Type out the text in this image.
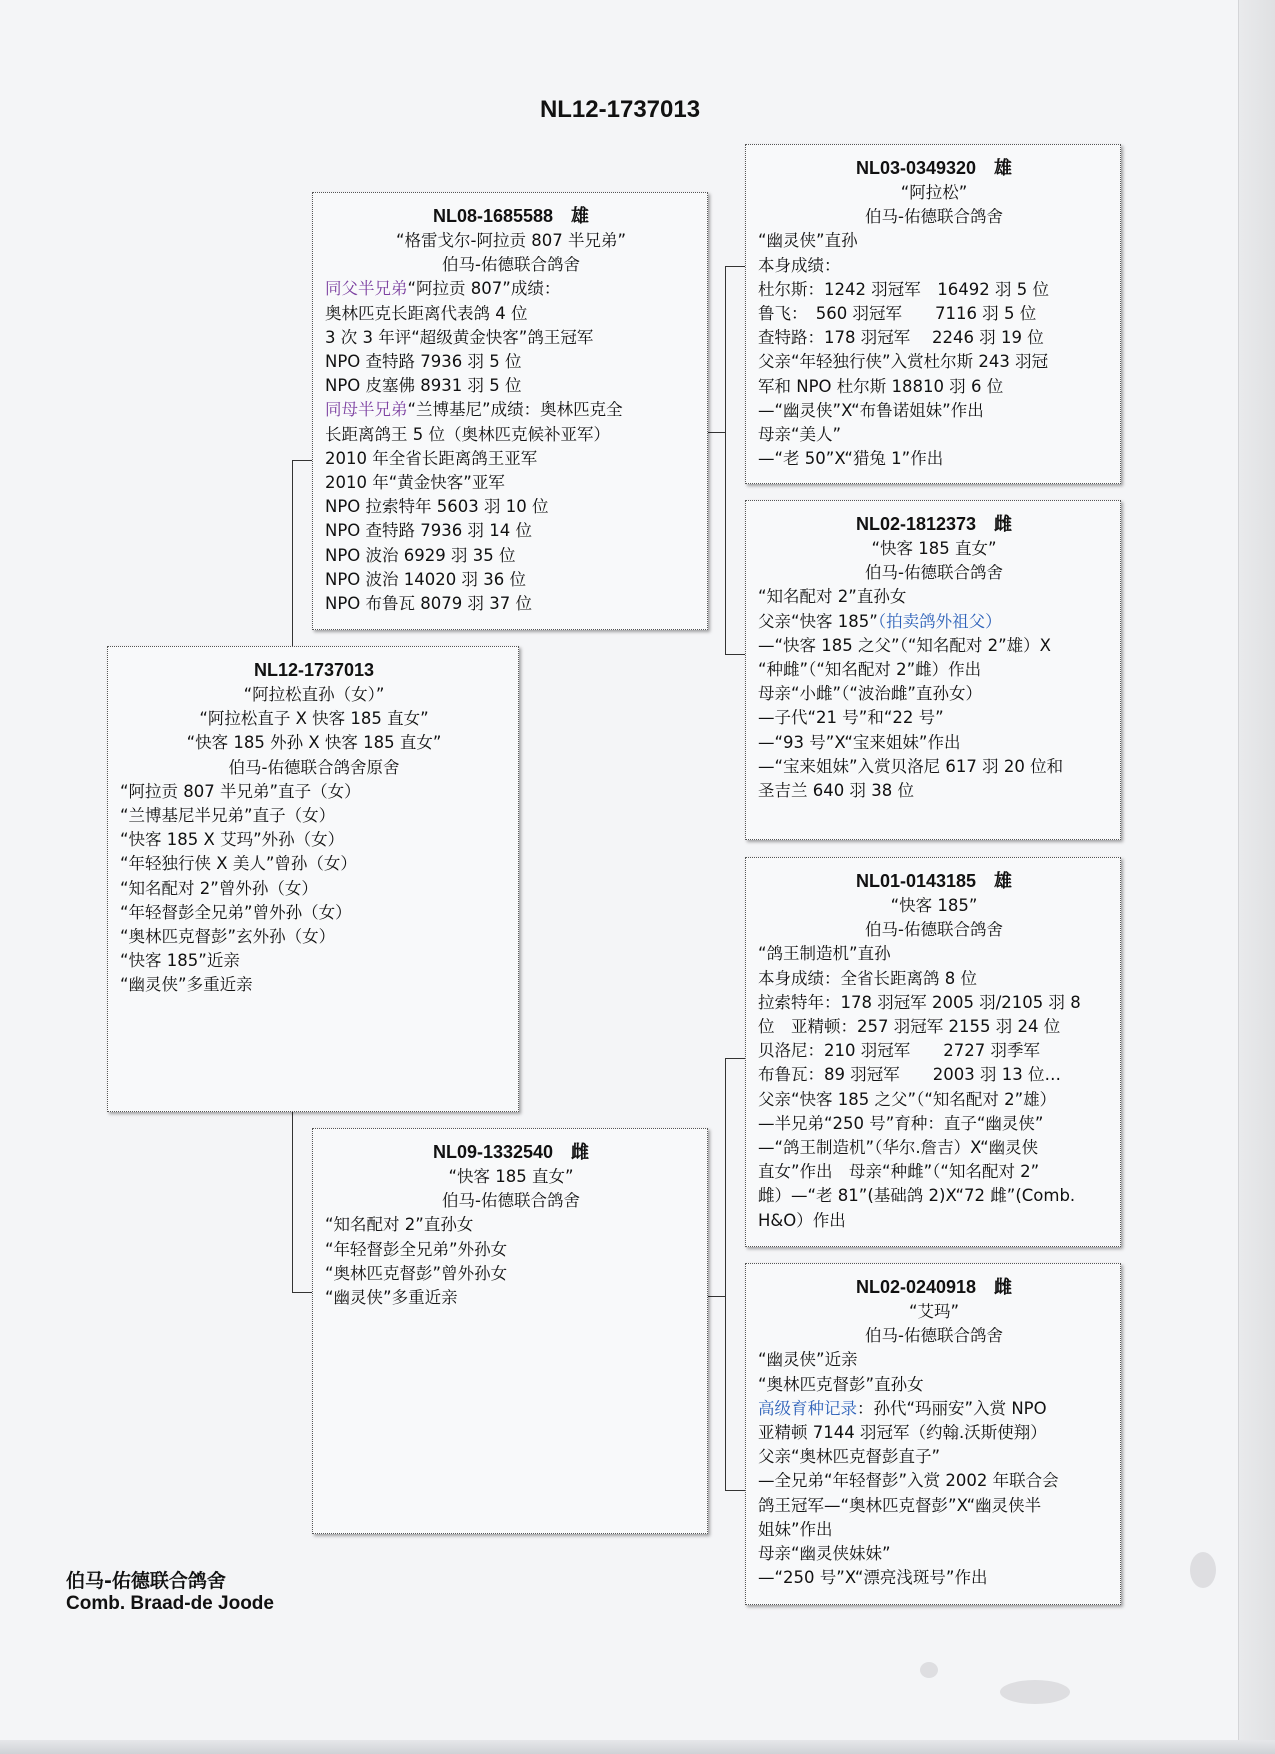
NL12-1737013
NL08-1685588　雄
“格雷戈尔-阿拉贡 807 半兄弟”
伯马-佑德联合鸽舍
同父半兄弟“阿拉贡 807”成绩：
奥林匹克长距离代表鸽 4 位
3 次 3 年评“超级黄金快客”鸽王冠军
NPO 查特路 7936 羽 5 位
NPO 皮塞佛 8931 羽 5 位
同母半兄弟“兰博基尼”成绩：奥林匹克全
长距离鸽王 5 位（奥林匹克候补亚军）
2010 年全省长距离鸽王亚军
2010 年“黄金快客”亚军
NPO 拉索特年 5603 羽 10 位
NPO 查特路 7936 羽 14 位
NPO 波治 6929 羽 35 位
NPO 波治 14020 羽 36 位
NPO 布鲁瓦 8079 羽 37 位
NL12-1737013
“阿拉松直孙（女）”
“阿拉松直子 X 快客 185 直女”
“快客 185 外孙 X 快客 185 直女”
伯马-佑德联合鸽舍原舍
“阿拉贡 807 半兄弟”直子（女）
“兰博基尼半兄弟”直子（女）
“快客 185 X 艾玛”外孙（女）
“年轻独行侠 X 美人”曾孙（女）
“知名配对 2”曾外孙（女）
“年轻督彭全兄弟”曾外孙（女）
“奥林匹克督彭”玄外孙（女）
“快客 185”近亲
“幽灵侠”多重近亲
NL09-1332540　雌
“快客 185 直女”
伯马-佑德联合鸽舍
“知名配对 2”直孙女
“年轻督彭全兄弟”外孙女
“奥林匹克督彭”曾外孙女
“幽灵侠”多重近亲
NL03-0349320　雄
“阿拉松”
伯马-佑德联合鸽舍
“幽灵侠”直孙
本身成绩：
杜尔斯：1242 羽冠军　16492 羽 5 位
鲁飞：　560 羽冠军　　7116 羽 5 位
查特路：178 羽冠军　 2246 羽 19 位
父亲“年轻独行侠”入赏杜尔斯 243 羽冠
军和 NPO 杜尔斯 18810 羽 6 位
—“幽灵侠”X“布鲁诺姐妹”作出
母亲“美人”
—“老 50”X“猎兔 1”作出
NL02-1812373　雌
“快客 185 直女”
伯马-佑德联合鸽舍
“知名配对 2”直孙女
父亲“快客 185”（拍卖鸽外祖父）
—“快客 185 之父”（“知名配对 2”雄）X
“种雌”（“知名配对 2”雌）作出
母亲“小雌”（“波治雌”直孙女）
—子代“21 号”和“22 号”
—“93 号”X“宝来姐妹”作出
—“宝来姐妹”入赏贝洛尼 617 羽 20 位和
圣吉兰 640 羽 38 位
NL01-0143185　雄
“快客 185”
伯马-佑德联合鸽舍
“鸽王制造机”直孙
本身成绩：全省长距离鸽 8 位
拉索特年：178 羽冠军 2005 羽/2105 羽 8
位　亚精顿：257 羽冠军 2155 羽 24 位
贝洛尼：210 羽冠军　　2727 羽季军
布鲁瓦：89 羽冠军　　2003 羽 13 位…
父亲“快客 185 之父”（“知名配对 2”雄）
—半兄弟“250 号”育种：直子“幽灵侠”
—“鸽王制造机”（华尔.詹吉）X“幽灵侠
直女”作出　母亲“种雌”（“知名配对 2”
雌）—“老 81”(基础鸽 2)X“72 雌”(Comb.
H&O）作出
NL02-0240918　雌
“艾玛”
伯马-佑德联合鸽舍
“幽灵侠”近亲
“奥林匹克督彭”直孙女
高级育种记录：孙代“玛丽安”入赏 NPO
亚精顿 7144 羽冠军（约翰.沃斯使翔）
父亲“奥林匹克督彭直子”
—全兄弟“年轻督彭”入赏 2002 年联合会
鸽王冠军—“奥林匹克督彭”X“幽灵侠半
姐妹”作出
母亲“幽灵侠妹妹”
—“250 号”X“漂亮浅斑号”作出
伯马-佑德联合鸽舍
Comb. Braad-de Joode
